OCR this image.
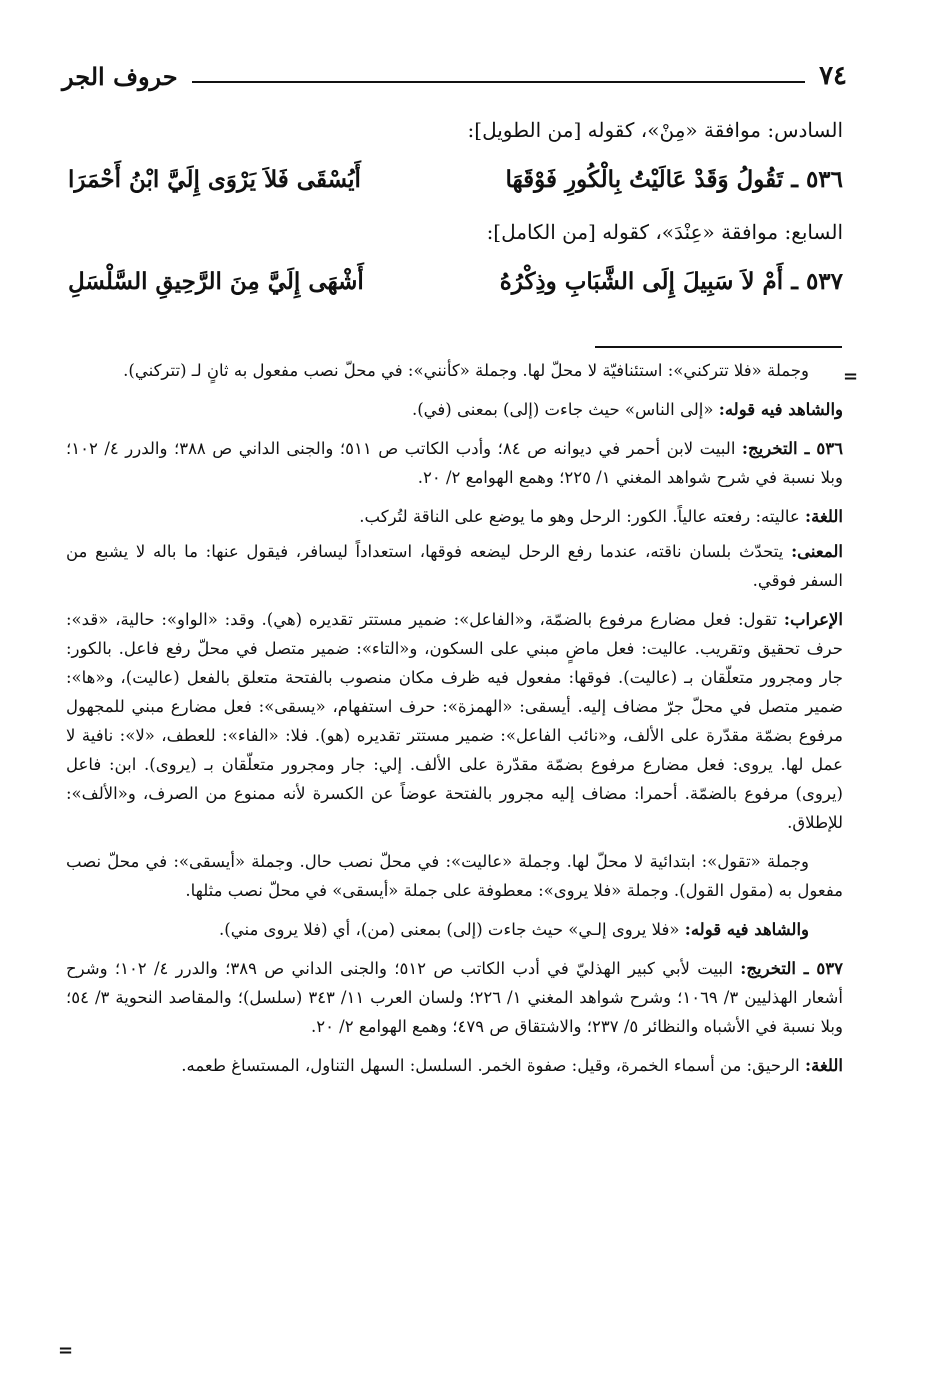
٧٤
حروف الجر

السادس: موافقة «مِنْ»، كقوله [من الطويل]:

٥٣٦ ـ
تَقُولُ وَقَدْ عَالَيْتُ بِالْكُورِ فَوْقَهَا
أَيُسْقَى فَلاَ يَرْوَى إِلَيَّ ابْنُ أَحْمَرَا

السابع: موافقة «عِنْدَ»، كقوله [من الكامل]:

٥٣٧ ـ
أَمْ لاَ سَبِيلَ إِلَى الشَّبَابِ وذِكْرُهُ
أَشْهَى إِلَيَّ مِنَ الرَّحِيقِ السَّلْسَلِ
=

وجملة «فلا تتركني»: استئنافيّة لا محلّ لها. وجملة «كأنني»: في محلّ نصب مفعول به ثانٍ لـ (تتركني).

والشاهد فيه قوله: «إلى الناس» حيث جاءت (إلى) بمعنى (في).

٥٣٦ ـ التخريج: البيت لابن أحمر في ديوانه ص ٨٤؛ وأدب الكاتب ص ٥١١؛ والجنى الداني ص ٣٨٨؛ والدرر ٤/ ١٠٢؛ وبلا نسبة في شرح شواهد المغني ١/ ٢٢٥؛ وهمع الهوامع ٢/ ٢٠.

اللغة: عاليته: رفعته عالياً. الكور: الرحل وهو ما يوضع على الناقة لتُركب.

المعنى: يتحدّث بلسان ناقته، عندما رفع الرحل ليضعه فوقها، استعداداً ليسافر، فيقول عنها: ما باله لا يشبع من السفر فوقي.

الإعراب: تقول: فعل مضارع مرفوع بالضمّة، و«الفاعل»: ضمير مستتر تقديره (هي). وقد: «الواو»: حالية، «قد»: حرف تحقيق وتقريب. عاليت: فعل ماضٍ مبني على السكون، و«التاء»: ضمير متصل في محلّ رفع فاعل. بالكور: جار ومجرور متعلّقان بـ (عاليت). فوقها: مفعول فيه ظرف مكان منصوب بالفتحة متعلق بالفعل (عاليت)، و«ها»: ضمير متصل في محلّ جرّ مضاف إليه. أيسقى: «الهمزة»: حرف استفهام، «يسقى»: فعل مضارع مبني للمجهول مرفوع بضمّة مقدّرة على الألف، و«نائب الفاعل»: ضمير مستتر تقديره (هو). فلا: «الفاء»: للعطف، «لا»: نافية لا عمل لها. يروى: فعل مضارع مرفوع بضمّة مقدّرة على الألف. إلي: جار ومجرور متعلّقان بـ (يروى). ابن: فاعل (يروى) مرفوع بالضمّة. أحمرا: مضاف إليه مجرور بالفتحة عوضاً عن الكسرة لأنه ممنوع من الصرف، و«الألف»: للإطلاق.

وجملة «تقول»: ابتدائية لا محلّ لها. وجملة «عاليت»: في محلّ نصب حال. وجملة «أيسقى»: في محلّ نصب مفعول به (مقول القول). وجملة «فلا يروى»: معطوفة على جملة «أيسقى» في محلّ نصب مثلها.

والشاهد فيه قوله: «فلا يروى إلـي» حيث جاءت (إلى) بمعنى (من)، أي (فلا يروى مني).

٥٣٧ ـ التخريج: البيت لأبي كبير الهذليّ في أدب الكاتب ص ٥١٢؛ والجنى الداني ص ٣٨٩؛ والدرر ٤/ ١٠٢؛ وشرح أشعار الهذليين ٣/ ١٠٦٩؛ وشرح شواهد المغني ١/ ٢٢٦؛ ولسان العرب ١١/ ٣٤٣ (سلسل)؛ والمقاصد النحوية ٣/ ٥٤؛ وبلا نسبة في الأشباه والنظائر ٥/ ٢٣٧؛ والاشتقاق ص ٤٧٩؛ وهمع الهوامع ٢/ ٢٠.

اللغة: الرحيق: من أسماء الخمرة، وقيل: صفوة الخمر. السلسل: السهل التناول، المستساغ طعمه.

=
